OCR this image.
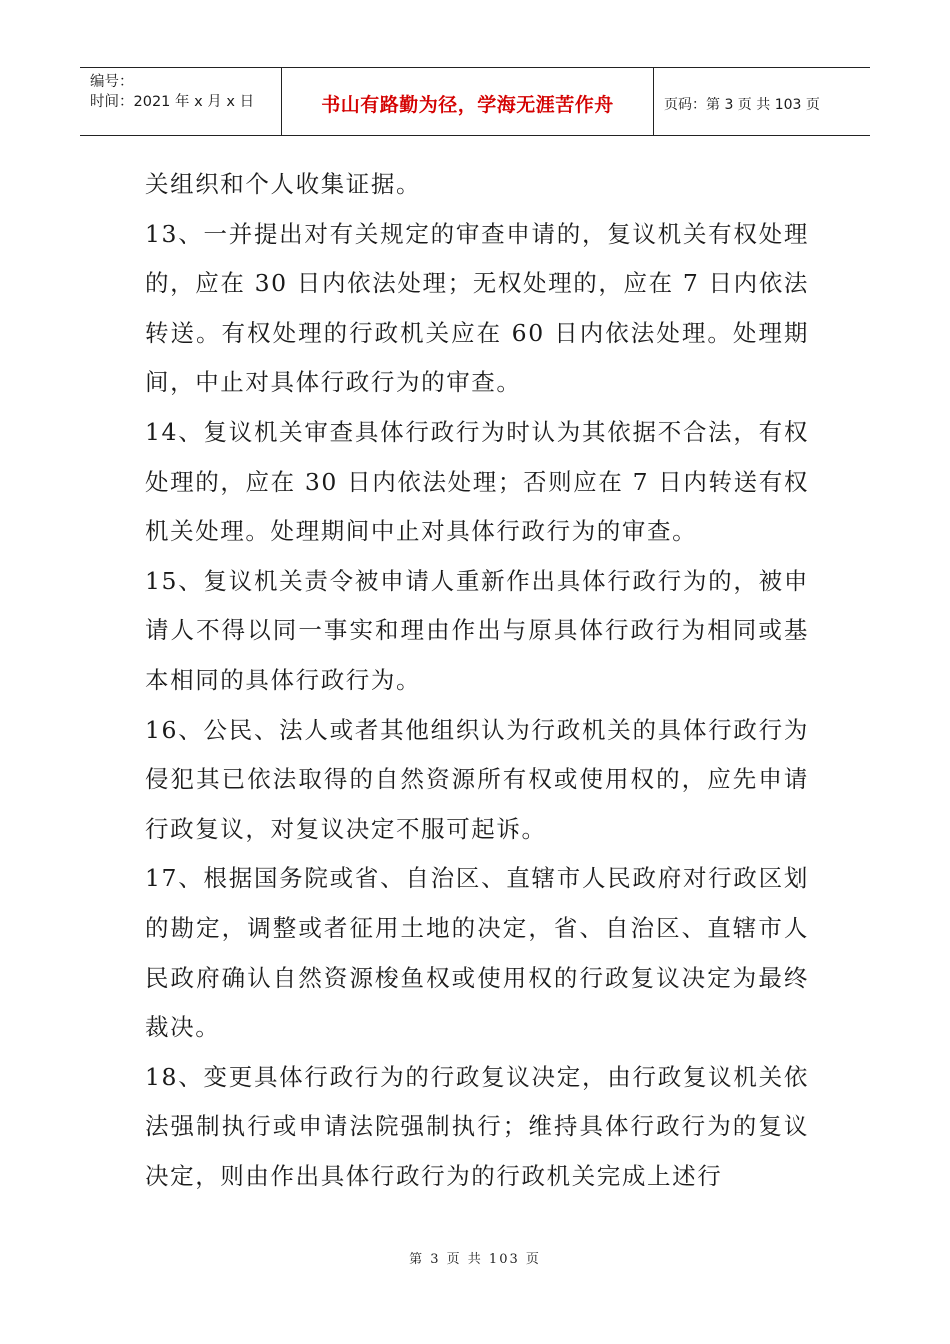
编号：
时间：2021 年 x 月 x 日	书山有路勤为径，学海无涯苦作舟	页码：第 3 页 共 103 页

关组织和个人收集证据。

13、一并提出对有关规定的审查申请的，复议机关有权处理的，应在 30 日内依法处理；无权处理的，应在 7 日内依法转送。有权处理的行政机关应在 60 日内依法处理。处理期间，中止对具体行政行为的审查。

14、复议机关审查具体行政行为时认为其依据不合法，有权处理的，应在 30 日内依法处理；否则应在 7 日内转送有权机关处理。处理期间中止对具体行政行为的审查。

15、复议机关责令被申请人重新作出具体行政行为的，被申请人不得以同一事实和理由作出与原具体行政行为相同或基本相同的具体行政行为。

16、公民、法人或者其他组织认为行政机关的具体行政行为侵犯其已依法取得的自然资源所有权或使用权的，应先申请行政复议，对复议决定不服可起诉。

17、根据国务院或省、自治区、直辖市人民政府对行政区划的勘定，调整或者征用土地的决定，省、自治区、直辖市人民政府确认自然资源梭鱼权或使用权的行政复议决定为最终裁决。

18、变更具体行政行为的行政复议决定，由行政复议机关依法强制执行或申请法院强制执行；维持具体行政行为的复议决定，则由作出具体行政行为的行政机关完成上述行

第 3 页 共 103 页
